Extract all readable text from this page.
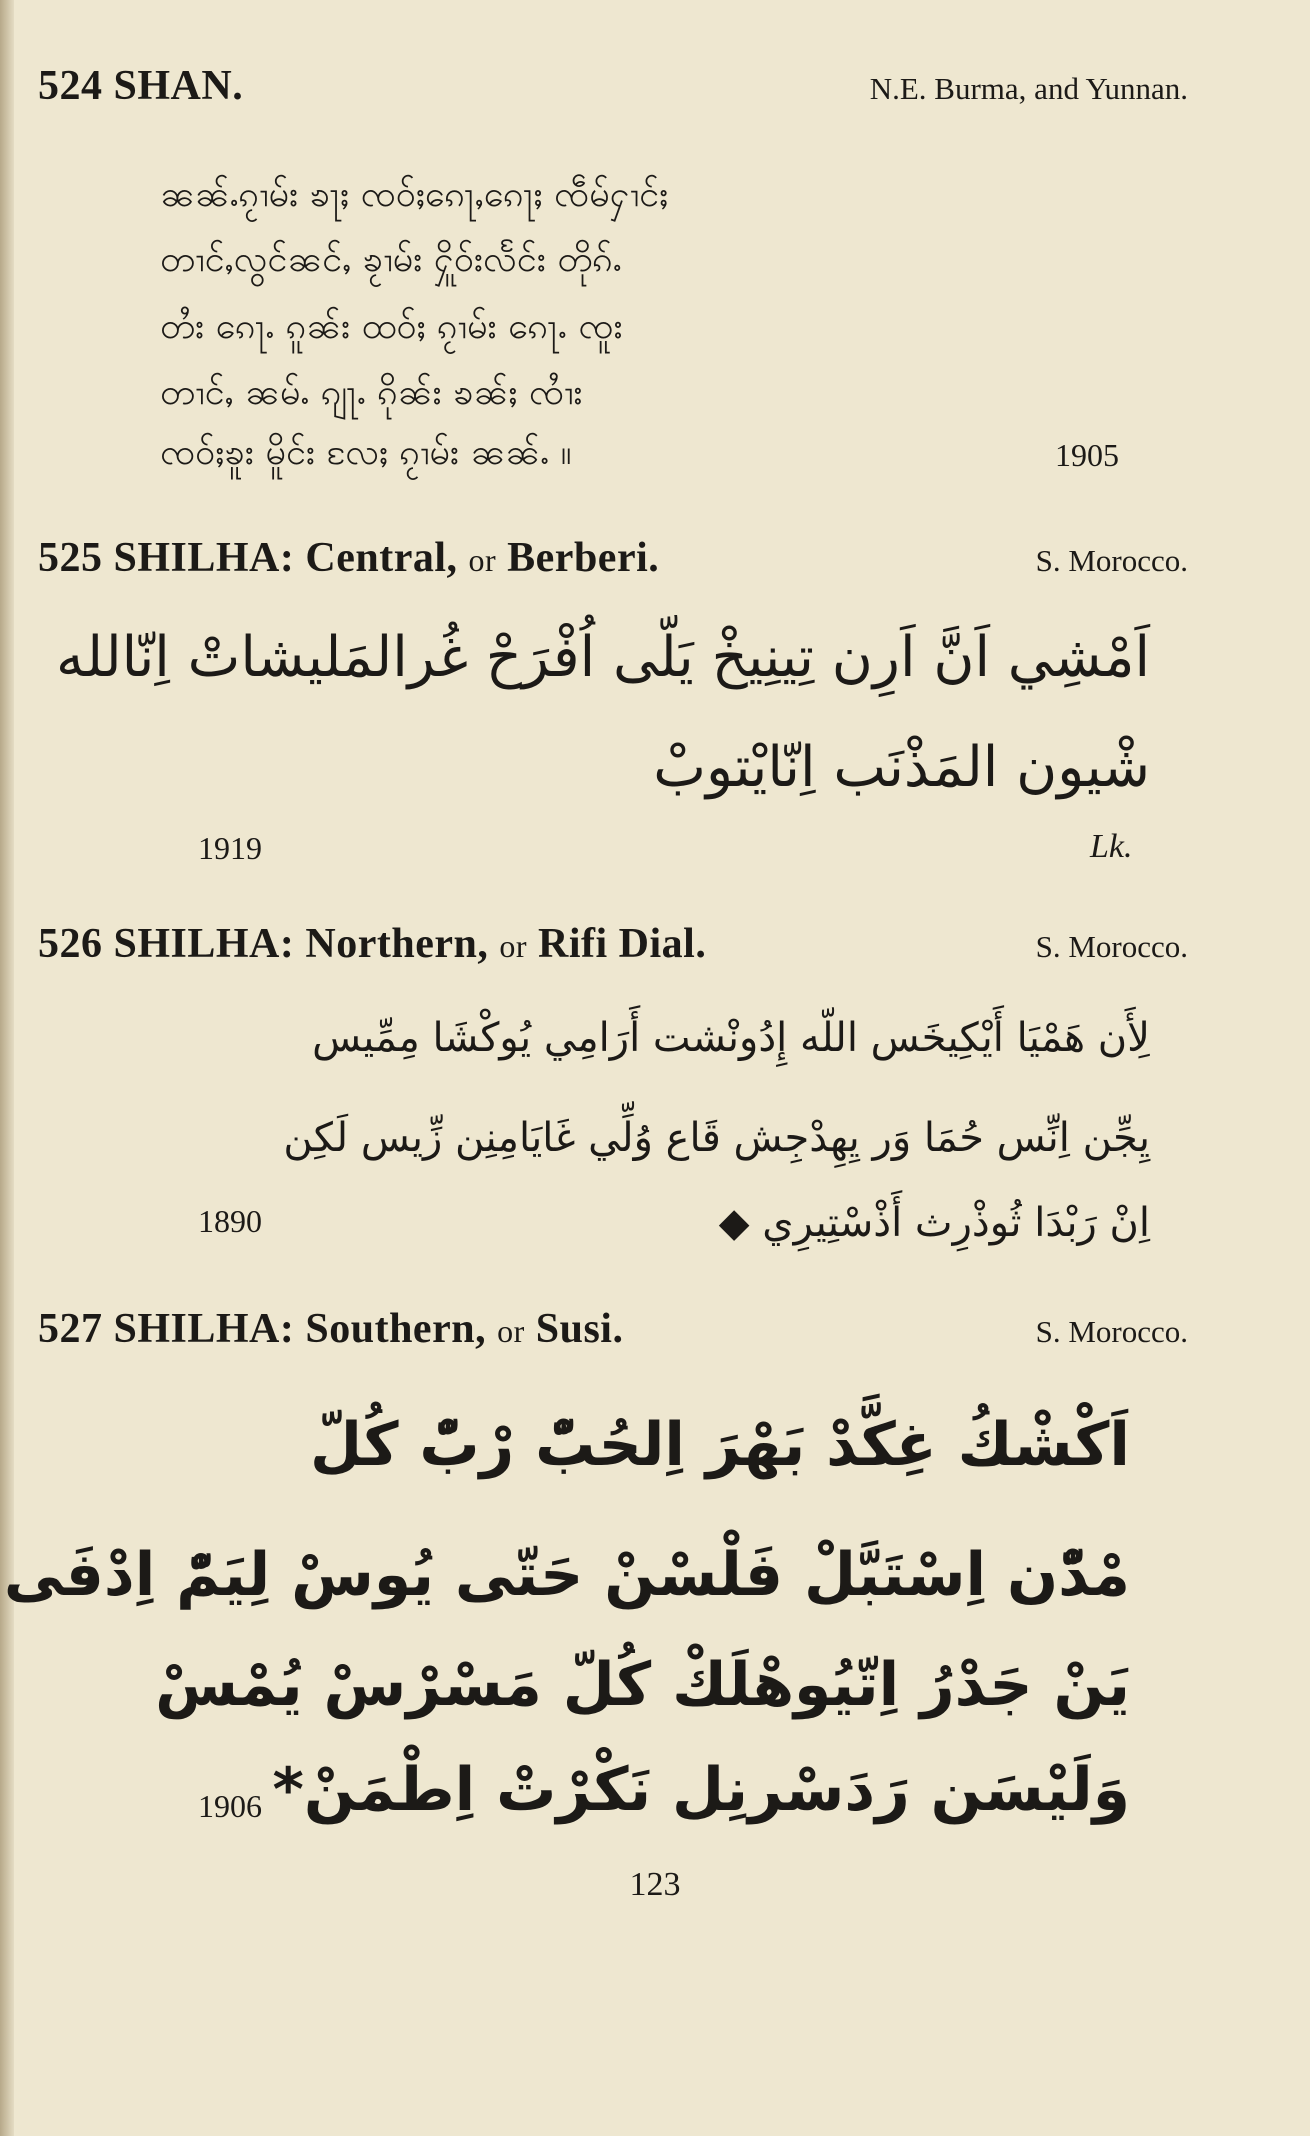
524 SHAN.	N.E. Burma, and Yunnan.
ၼၼ်ႉၵႂၢမ်း ၶႃႈ ၸဝ်ႈၵေႃႇၵေႃႈ ၸဵမ်ႁၢင်ႈ
တၢင်ႇလွင်ၼင်ႇ ၶႂၢမ်း ႁိူဝ်းလႅင်း တိုၵ်ႉ
တႆး ၵေႃႉ ၵူၼ်း ထဝ်ႈ ၵႂၢမ်း ၵေႃႉ ၸူး
တၢင်ႇ ၼမ်ႉ ၵျႃႉ ၵိုၼ်း ၶၼ်ႈ ၸၢႆး
ၸဝ်ႈၶူး မိူင်း လႄႈ ၵႂၢမ်း ၼၼ်ႉ ။	1905
525 SHILHA: Central, or Berberi.	S. Morocco.
اَمْشِي اَنَّ اَرِن تِينِيخْ يَلّى اُفْرَحْ غُرالمَليشاتْ اِنّالله
شْيون المَذْنَب اِنّايْتوبْ
1919	Lk.
526 SHILHA: Northern, or Rifi Dial.	S. Morocco.
لِأَن هَمْيَا أَيْكِيخَس اللّه إِدُونْشت أَرَامِي يُوكْشَا مِمِّيس
يِجِّن اِنِّس حُمَا وَر يِهِدْجِش قَاع وُلِّي غَايَامِنِن زِّيس لَكِن
اِنْ رَبْدَا ثُوذْرِث أَذْسْتِيرِي ◆
1890
527 SHILHA: Southern, or Susi.	S. Morocco.
اَكْشْكُ غِكَّدْ بَهْرَ اِلحُبّْ رْبّْ كُلّ
مْدّْن اِسْتَبَّلْ فَلْسْنْ حَتّى يُوسْ لِيَمّْ اِدْفَى
يَنْ جَدْرُ اِتّيُوهْلَكْ كُلّ مَسْرْسْ يُمْسْ
وَلَيْسَن رَدَسْرنِل نَكْرْتْ اِطْمَنْ*
1906
123
